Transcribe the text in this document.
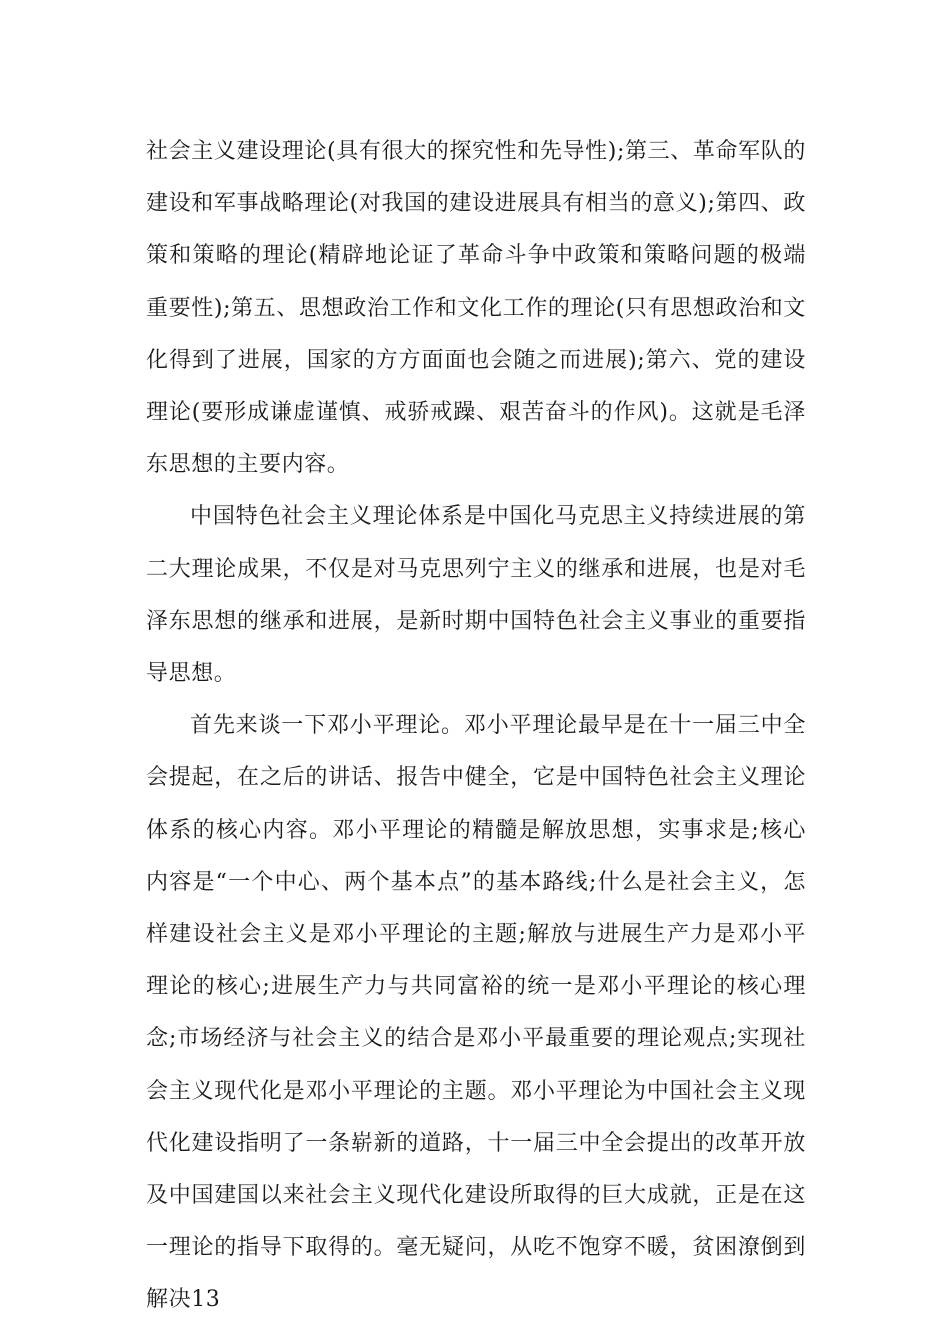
社会主义建设理论(具有很大的探究性和先导性);第三、革命军队的建设和军事战略理论(对我国的建设进展具有相当的意义);第四、政策和策略的理论(精辟地论证了革命斗争中政策和策略问题的极端重要性);第五、思想政治工作和文化工作的理论(只有思想政治和文化得到了进展，国家的方方面面也会随之而进展);第六、党的建设理论(要形成谦虚谨慎、戒骄戒躁、艰苦奋斗的作风)。这就是毛泽东思想的主要内容。

中国特色社会主义理论体系是中国化马克思主义持续进展的第二大理论成果，不仅是对马克思列宁主义的继承和进展，也是对毛泽东思想的继承和进展，是新时期中国特色社会主义事业的重要指导思想。

首先来谈一下邓小平理论。邓小平理论最早是在十一届三中全会提起，在之后的讲话、报告中健全，它是中国特色社会主义理论体系的核心内容。邓小平理论的精髓是解放思想，实事求是;核心内容是“一个中心、两个基本点”的基本路线;什么是社会主义，怎样建设社会主义是邓小平理论的主题;解放与进展生产力是邓小平理论的核心;进展生产力与共同富裕的统一是邓小平理论的核心理念;市场经济与社会主义的结合是邓小平最重要的理论观点;实现社会主义现代化是邓小平理论的主题。邓小平理论为中国社会主义现代化建设指明了一条崭新的道路，十一届三中全会提出的改革开放及中国建国以来社会主义现代化建设所取得的巨大成就，正是在这一理论的指导下取得的。毫无疑问，从吃不饱穿不暖，贫困潦倒到解决13
